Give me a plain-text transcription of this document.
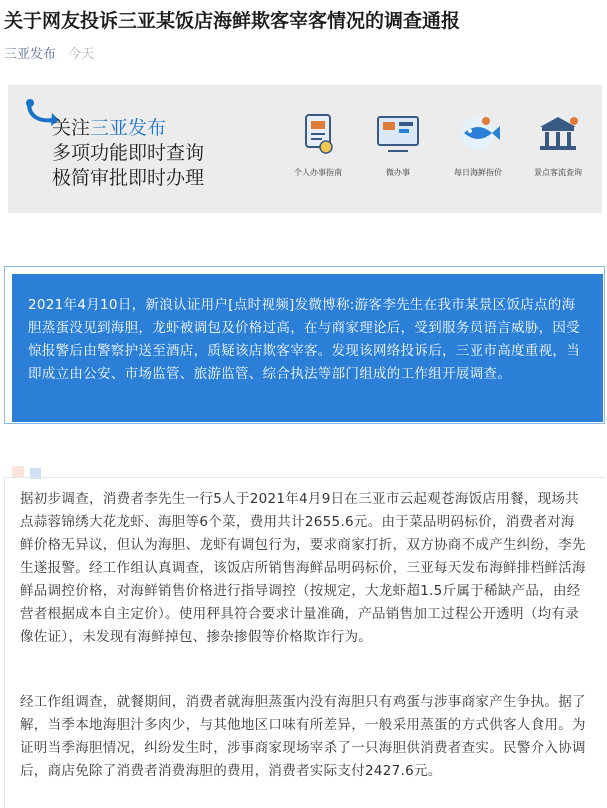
关于网友投诉三亚某饭店海鲜欺客宰客情况的调查通报
三亚发布 今天
关注三亚发布
多项功能即时查询
极简审批即时办理	个人办事指南	微办事	每日海鲜指价	景点客流查询
2021年4月10日，新浪认证用户[点时视频]发微博称:游客李先生在我市某景区饭店点的海胆蒸蛋没见到海胆，龙虾被调包及价格过高，在与商家理论后，受到服务员语言威胁，因受惊报警后由警察护送至酒店，质疑该店欺客宰客。发现该网络投诉后，三亚市高度重视，当即成立由公安、市场监管、旅游监管、综合执法等部门组成的工作组开展调查。
据初步调查，消费者李先生一行5人于2021年4月9日在三亚市云起观苍海饭店用餐，现场共点蒜蓉锦绣大花龙虾、海胆等6个菜，费用共计2655.6元。由于菜品明码标价，消费者对海鲜价格无异议，但认为海胆、龙虾有调包行为，要求商家打折，双方协商不成产生纠纷，李先生遂报警。经工作组认真调查，该饭店所销售海鲜品明码标价，三亚每天发布海鲜排档鲜活海鲜品调控价格，对海鲜销售价格进行指导调控（按规定，大龙虾超1.5斤属于稀缺产品，由经营者根据成本自主定价）。使用秤具符合要求计量准确，产品销售加工过程公开透明（均有录像佐证），未发现有海鲜掉包、掺杂掺假等价格欺诈行为。
经工作组调查，就餐期间，消费者就海胆蒸蛋内没有海胆只有鸡蛋与涉事商家产生争执。据了解，当季本地海胆汁多肉少，与其他地区口味有所差异，一般采用蒸蛋的方式供客人食用。为证明当季海胆情况，纠纷发生时，涉事商家现场宰杀了一只海胆供消费者查实。民警介入协调后，商店免除了消费者消费海胆的费用，消费者实际支付2427.6元。
